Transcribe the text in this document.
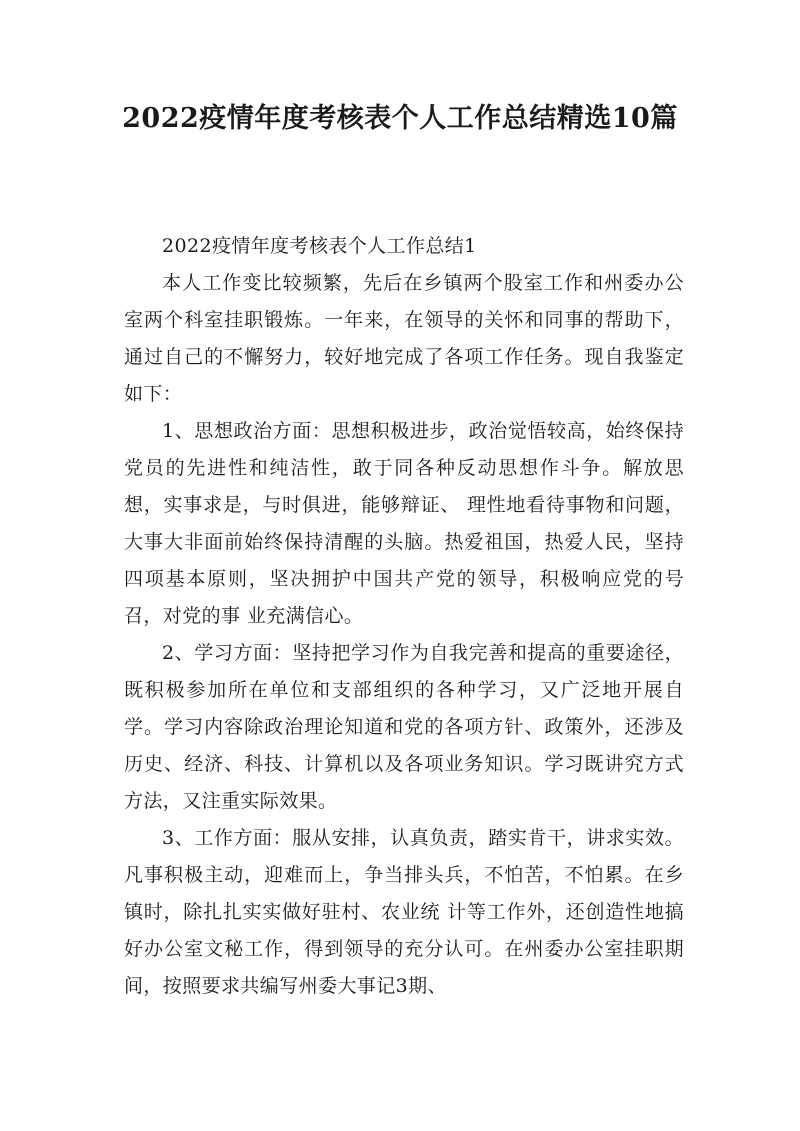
2022疫情年度考核表个人工作总结精选10篇

2022疫情年度考核表个人工作总结1

本人工作变比较频繁，先后在乡镇两个股室工作和州委办公室两个科室挂职锻炼。一年来，在领导的关怀和同事的帮助下，通过自己的不懈努力，较好地完成了各项工作任务。现自我鉴定如下：

1、思想政治方面：思想积极进步，政治觉悟较高，始终保持党员的先进性和纯洁性，敢于同各种反动思想作斗争。解放思想，实事求是，与时俱进，能够辩证、 理性地看待事物和问题，大事大非面前始终保持清醒的头脑。热爱祖国，热爱人民，坚持四项基本原则，坚决拥护中国共产党的领导，积极响应党的号召，对党的事 业充满信心。

2、学习方面：坚持把学习作为自我完善和提高的重要途径，既积极参加所在单位和支部组织的各种学习，又广泛地开展自学。学习内容除政治理论知道和党的各项方针、政策外，还涉及历史、经济、科技、计算机以及各项业务知识。学习既讲究方式方法，又注重实际效果。

3、工作方面：服从安排，认真负责，踏实肯干，讲求实效。凡事积极主动，迎难而上，争当排头兵，不怕苦，不怕累。在乡镇时，除扎扎实实做好驻村、农业统 计等工作外，还创造性地搞好办公室文秘工作，得到领导的充分认可。在州委办公室挂职期间，按照要求共编写州委大事记3期、
